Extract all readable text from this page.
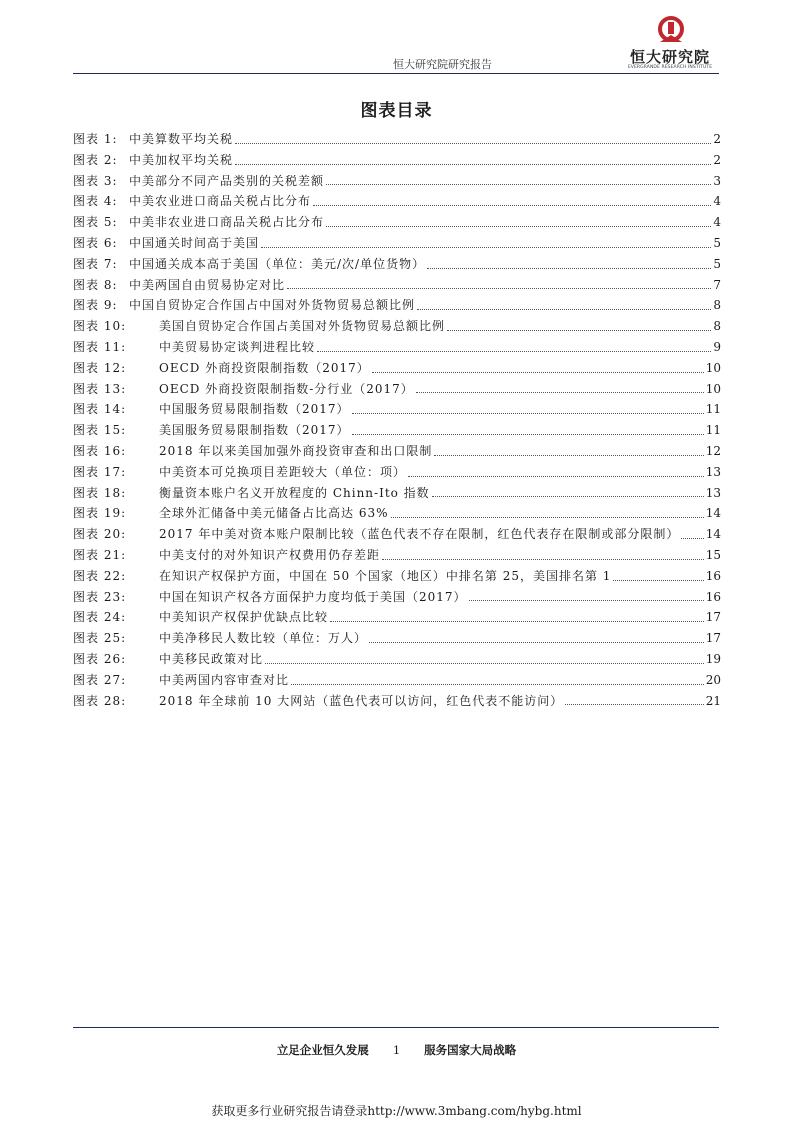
恒大研究院研究报告	恒大研究院
EVERGRANDE RESEARCH INSTITUTE
图表目录
图表 1: 中美算数平均关税	2
图表 2: 中美加权平均关税	2
图表 3: 中美部分不同产品类别的关税差额	3
图表 4: 中美农业进口商品关税占比分布	4
图表 5: 中美非农业进口商品关税占比分布	4
图表 6: 中国通关时间高于美国	5
图表 7: 中国通关成本高于美国（单位：美元/次/单位货物）	5
图表 8: 中美两国自由贸易协定对比	7
图表 9: 中国自贸协定合作国占中国对外货物贸易总额比例	8
图表 10:	美国自贸协定合作国占美国对外货物贸易总额比例	8
图表 11:	中美贸易协定谈判进程比较	9
图表 12:	OECD 外商投资限制指数（2017）	10
图表 13:	OECD 外商投资限制指数-分行业（2017）	10
图表 14:	中国服务贸易限制指数（2017）	11
图表 15:	美国服务贸易限制指数（2017）	11
图表 16:	2018 年以来美国加强外商投资审查和出口限制	12
图表 17:	中美资本可兑换项目差距较大（单位：项）	13
图表 18:	衡量资本账户名义开放程度的 Chinn-Ito 指数	13
图表 19:	全球外汇储备中美元储备占比高达 63%	14
图表 20:	2017 年中美对资本账户限制比较（蓝色代表不存在限制，红色代表存在限制或部分限制） 14
图表 21:	中美支付的对外知识产权费用仍存差距	15
图表 22:	在知识产权保护方面，中国在 50 个国家（地区）中排名第 25，美国排名第 1	16
图表 23:	中国在知识产权各方面保护力度均低于美国（2017）	16
图表 24:	中美知识产权保护优缺点比较	17
图表 25:	中美净移民人数比较（单位：万人）	17
图表 26:	中美移民政策对比	19
图表 27:	中美两国内容审查对比	20
图表 28:	2018 年全球前 10 大网站（蓝色代表可以访问，红色代表不能访问）	21
立足企业恒久发展 1 服务国家大局战略
获取更多行业研究报告请登录http://www.3mbang.com/hybg.html
